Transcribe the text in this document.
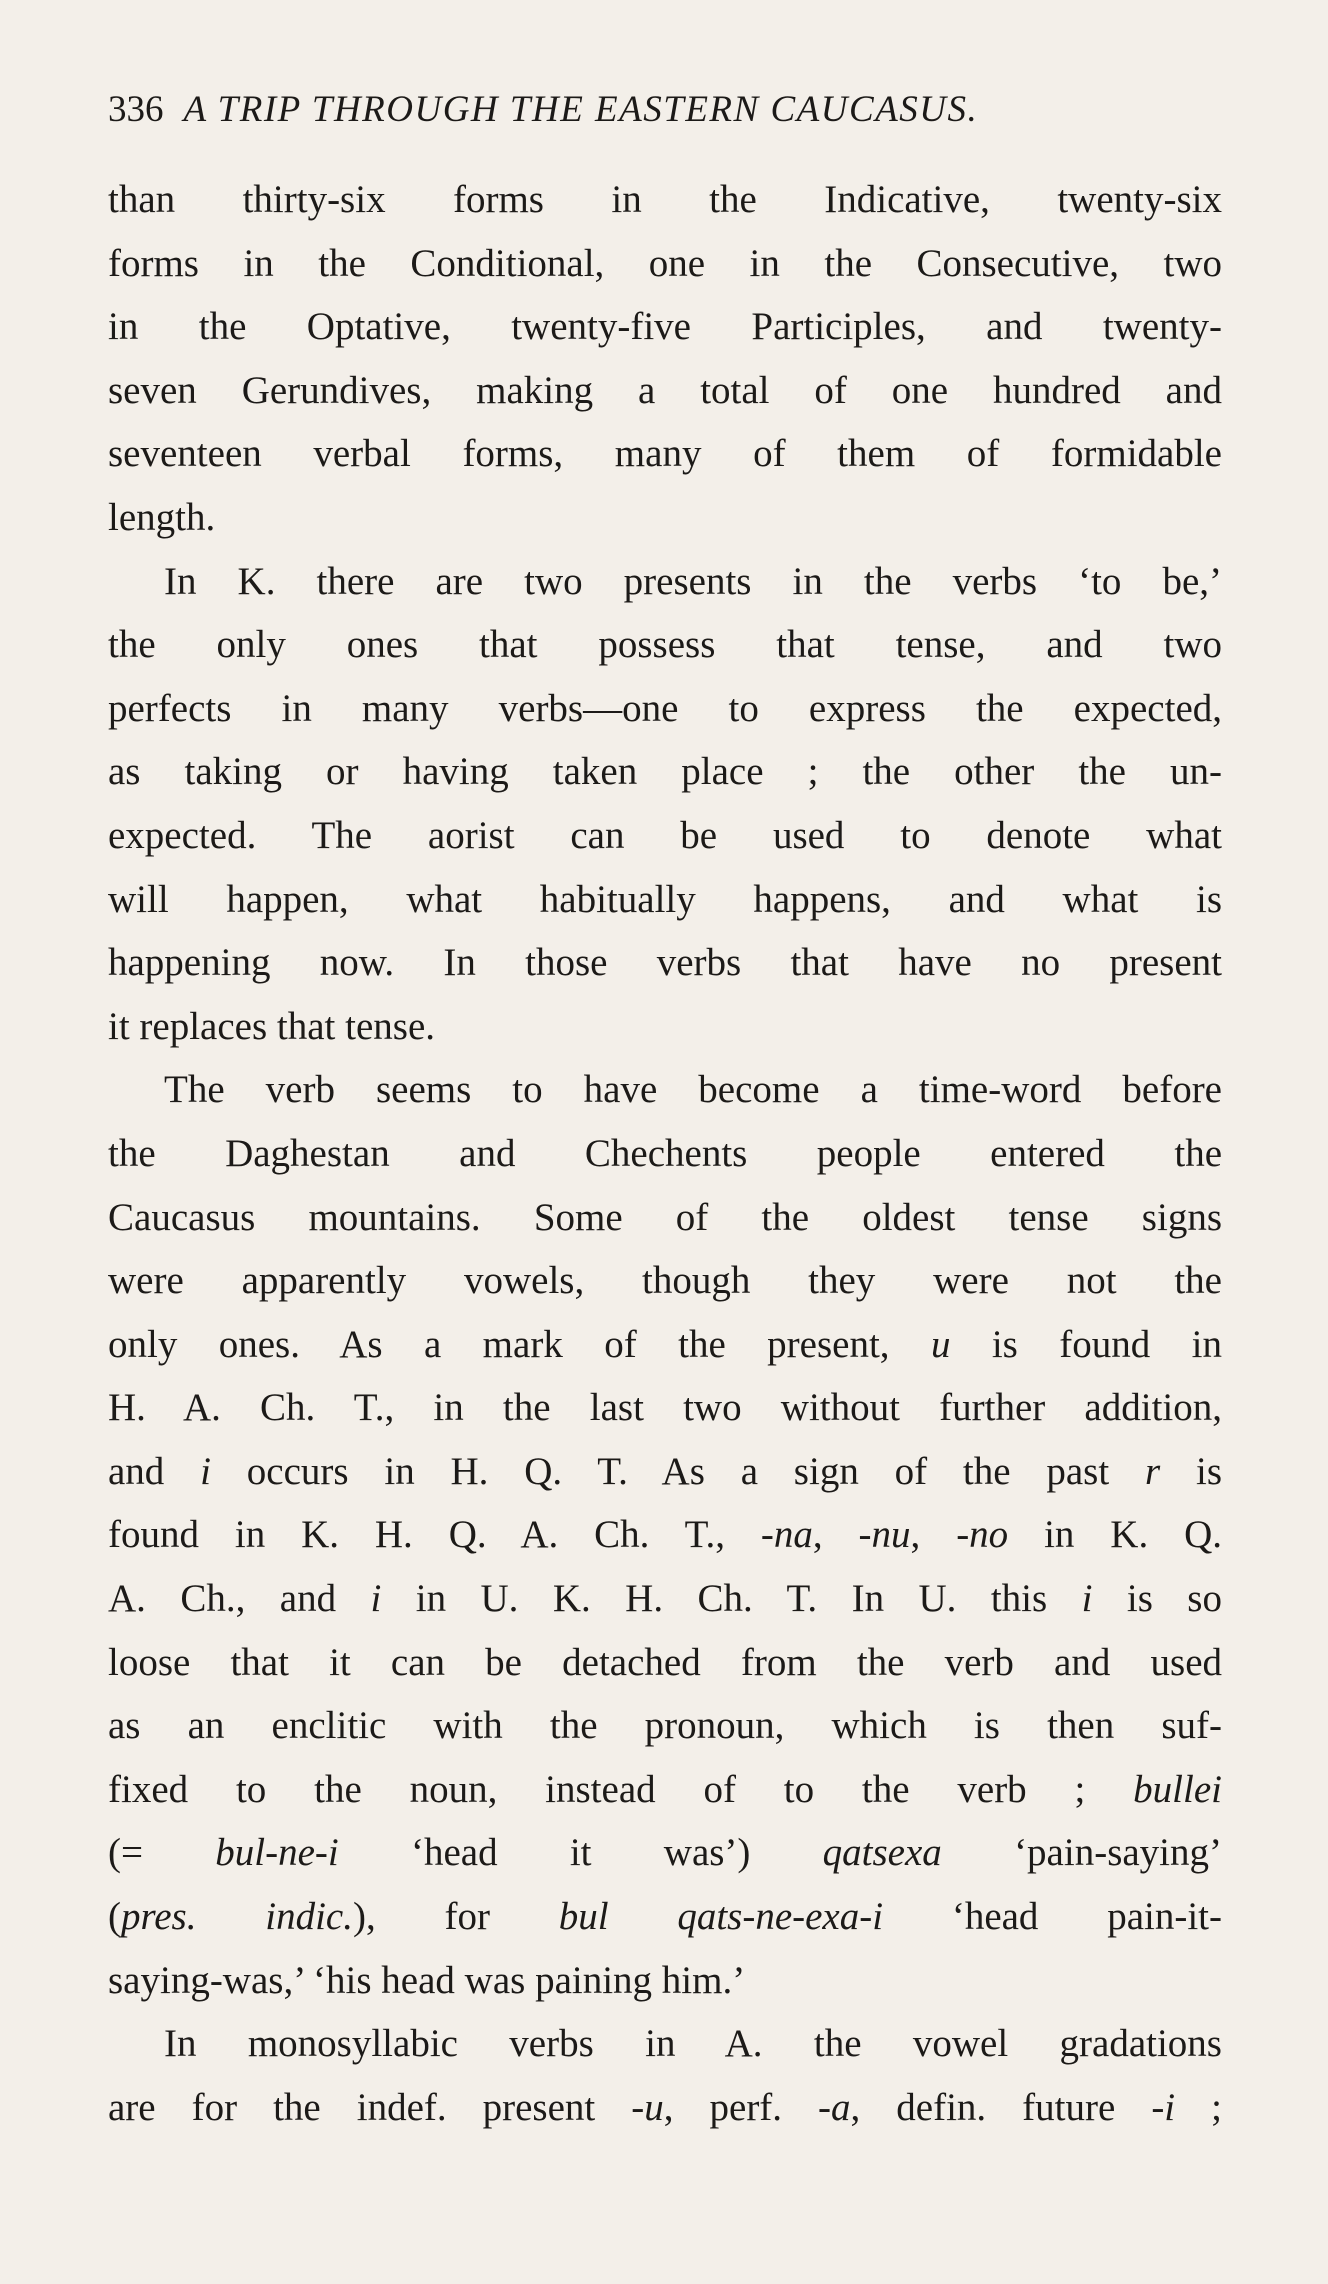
336 A TRIP THROUGH THE EASTERN CAUCASUS.
than thirty-six forms in the Indicative, twenty-six
forms in the Conditional, one in the Consecutive, two
in the Optative, twenty-five Participles, and twenty-
seven Gerundives, making a total of one hundred and
seventeen verbal forms, many of them of formidable
length.
In K. there are two presents in the verbs ‘to be,’
the only ones that possess that tense, and two
perfects in many verbs—one to express the expected,
as taking or having taken place ; the other the un-
expected. The aorist can be used to denote what
will happen, what habitually happens, and what is
happening now. In those verbs that have no present
it replaces that tense.
The verb seems to have become a time-word before
the Daghestan and Chechents people entered the
Caucasus mountains. Some of the oldest tense signs
were apparently vowels, though they were not the
only ones. As a mark of the present, u is found in
H. A. Ch. T., in the last two without further addition,
and i occurs in H. Q. T. As a sign of the past r is
found in K. H. Q. A. Ch. T., -na, -nu, -no in K. Q.
A. Ch., and i in U. K. H. Ch. T. In U. this i is so
loose that it can be detached from the verb and used
as an enclitic with the pronoun, which is then suf-
fixed to the noun, instead of to the verb ; bullei
(= bul-ne-i ‘head it was’) qatsexa ‘pain-saying’
(pres. indic.), for bul qats-ne-exa-i ‘head pain-it-
saying-was,’ ‘his head was paining him.’
In monosyllabic verbs in A. the vowel gradations
are for the indef. present -u, perf. -a, defin. future -i ;
